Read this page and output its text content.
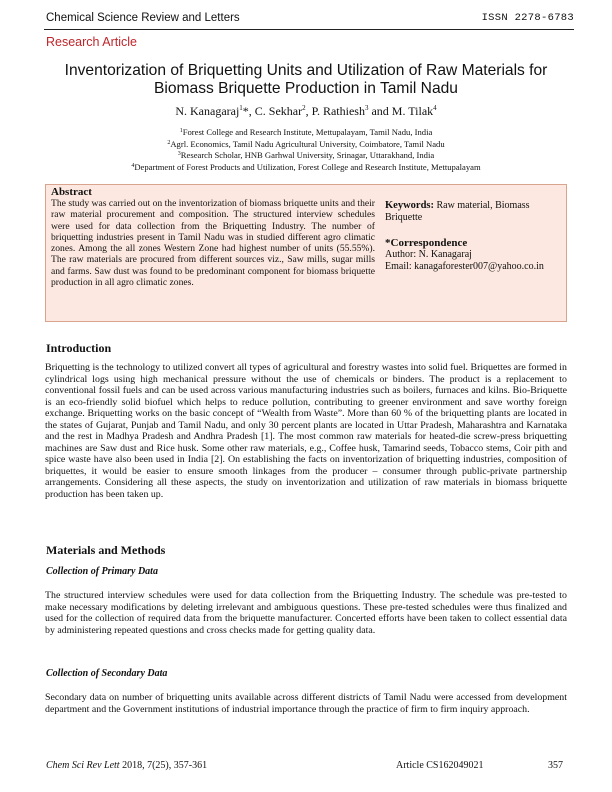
Chemical Science Review and Letters	ISSN 2278-6783
Research Article
Inventorization of Briquetting Units and Utilization of Raw Materials for Biomass Briquette Production in Tamil Nadu
N. Kanagaraj$^1$*, C. Sekhar$^2$, P. Rathiesh$^3$ and M. Tilak$^4$
$^1$Forest College and Research Institute, Mettupalayam, Tamil Nadu, India
$^2$Agrl. Economics, Tamil Nadu Agricultural University, Coimbatore, Tamil Nadu
$^3$Research Scholar, HNB Garhwal University, Srinagar, Uttarakhand, India
$^4$Department of Forest Products and Utilization, Forest College and Research Institute, Mettupalayam
Abstract

The study was carried out on the inventorization of biomass briquette units and their raw material procurement and composition. The structured interview schedules were used for data collection from the Briquetting Industry. The number of briquetting industries present in Tamil Nadu was in studied different agro climatic zones. Among the all zones Western Zone had highest number of units (55.55%). The raw materials are procured from different sources viz., Saw mills, sugar mills and farms. Saw dust was found to be predominant component for biomass briquette production in all agro climatic zones.

Keywords: Raw material, Biomass Briquette
*Correspondence
Author: N. Kanagaraj
Email: kanagaforester007@yahoo.co.in
Introduction

Briquetting is the technology to utilized convert all types of agricultural and forestry wastes into solid fuel. Briquettes are formed in cylindrical logs using high mechanical pressure without the use of chemicals or binders. The product is a replacement to conventional fossil fuels and can be used across various manufacturing industries such as boilers, furnaces and kilns. Bio-Briquette is an eco-friendly solid biofuel which helps to reduce pollution, contributing to greener environment and save worthy foreign exchange. Briquetting works on the basic concept of “Wealth from Waste”. More than 60 % of the briquetting plants are located in the states of Gujarat, Punjab and Tamil Nadu, and only 30 percent plants are located in Uttar Pradesh, Maharashtra and Karnataka and the rest in Madhya Pradesh and Andhra Pradesh [1]. The most common raw materials for heated-die screw-press briquetting machines are Saw dust and Rice husk. Some other raw materials, e.g., Coffee husk, Tamarind seeds, Tobacco stems, Coir pith and spice waste have also been used in India [2]. On establishing the facts on inventorization of briquetting industries, composition of briquettes, it would be easier to ensure smooth linkages from the producer – consumer through public-private partnership arrangements. Considering all these aspects, the study on inventorization and utilization of raw materials in biomass briquette production has been taken up.

Materials and Methods
Collection of Primary Data

The structured interview schedules were used for data collection from the Briquetting Industry. The schedule was pre-tested to make necessary modifications by deleting irrelevant and ambiguous questions. These pre-tested schedules were thus finalized and used for the collection of required data from the briquette manufacturer. Concerted efforts have been taken to collect essential data by administering repeated questions and cross checks made for getting quality data.

Collection of Secondary Data

Secondary data on number of briquetting units available across different districts of Tamil Nadu were accessed from development department and the Government institutions of industrial importance through the practice of firm to firm inquiry approach.

Chem Sci Rev Lett 2018, 7(25), 357-361	Article CS162049021	357
